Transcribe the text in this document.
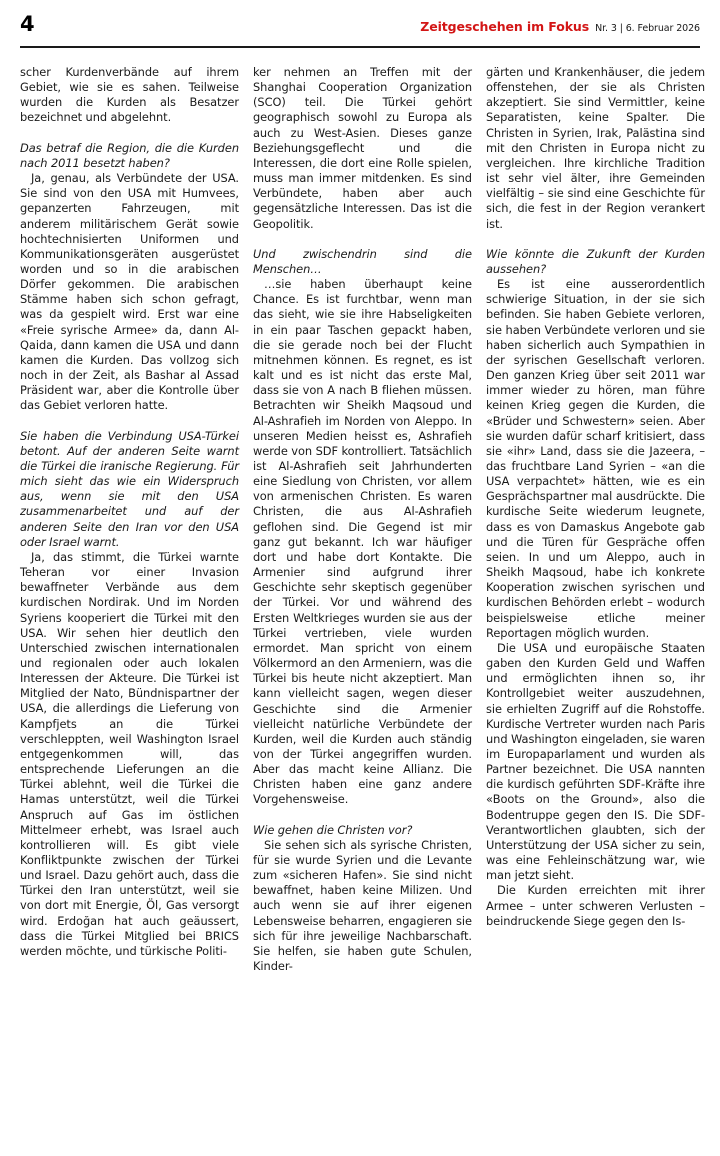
4	Zeitgeschehen im Fokus Nr. 3 | 6. Februar 2026

scher Kurdenverbände auf ihrem Gebiet, wie sie es sahen. Teilweise wurden die Kurden als Besatzer bezeichnet und abgelehnt.

Das betraf die Region, die die Kurden nach 2011 besetzt haben?

Ja, genau, als Verbündete der USA. Sie sind von den USA mit Humvees, gepanzerten Fahrzeugen, mit anderem militärischem Gerät sowie hochtechnisierten Uniformen und Kommunikationsgeräten ausgerüstet worden und so in die arabischen Dörfer gekommen. Die arabischen Stämme haben sich schon gefragt, was da gespielt wird. Erst war eine «Freie syrische Armee» da, dann Al-Qaida, dann kamen die USA und dann kamen die Kurden. Das vollzog sich noch in der Zeit, als Bashar al Assad Präsident war, aber die Kontrolle über das Gebiet verloren hatte.

Sie haben die Verbindung USA-Türkei betont. Auf der anderen Seite warnt die Türkei die iranische Regierung. Für mich sieht das wie ein Widerspruch aus, wenn sie mit den USA zusammenarbeitet und auf der anderen Seite den Iran vor den USA oder Israel warnt.

Ja, das stimmt, die Türkei warnte Teheran vor einer Invasion bewaffneter Verbände aus dem kurdischen Nordirak. Und im Norden Syriens kooperiert die Türkei mit den USA. Wir sehen hier deutlich den Unterschied zwischen internationalen und regionalen oder auch lokalen Interessen der Akteure. Die Türkei ist Mitglied der Nato, Bündnispartner der USA, die allerdings die Lieferung von Kampfjets an die Türkei verschleppten, weil Washington Israel entgegenkommen will, das entsprechende Lieferungen an die Türkei ablehnt, weil die Türkei die Hamas unterstützt, weil die Türkei Anspruch auf Gas im östlichen Mittelmeer erhebt, was Israel auch kontrollieren will. Es gibt viele Konfliktpunkte zwischen der Türkei und Israel. Dazu gehört auch, dass die Türkei den Iran unterstützt, weil sie von dort mit Energie, Öl, Gas versorgt wird. Erdoğan hat auch geäussert, dass die Türkei Mitglied bei BRICS werden möchte, und türkische Politi-

ker nehmen an Treffen mit der Shanghai Cooperation Organization (SCO) teil. Die Türkei gehört geographisch sowohl zu Europa als auch zu West-Asien. Dieses ganze Beziehungsgeflecht und die Interessen, die dort eine Rolle spielen, muss man immer mitdenken. Es sind Verbündete, haben aber auch gegensätzliche Interessen. Das ist die Geopolitik.

Und zwischendrin sind die Menschen…

…sie haben überhaupt keine Chance. Es ist furchtbar, wenn man das sieht, wie sie ihre Habseligkeiten in ein paar Taschen gepackt haben, die sie gerade noch bei der Flucht mitnehmen können. Es regnet, es ist kalt und es ist nicht das erste Mal, dass sie von A nach B fliehen müssen. Betrachten wir Sheikh Maqsoud und Al-Ashrafieh im Norden von Aleppo. In unseren Medien heisst es, Ashrafieh werde von SDF kontrolliert. Tatsächlich ist Al-Ashrafieh seit Jahrhunderten eine Siedlung von Christen, vor allem von armenischen Christen. Es waren Christen, die aus Al-Ashrafieh geflohen sind. Die Gegend ist mir ganz gut bekannt. Ich war häufiger dort und habe dort Kontakte. Die Armenier sind aufgrund ihrer Geschichte sehr skeptisch gegenüber der Türkei. Vor und während des Ersten Weltkrieges wurden sie aus der Türkei vertrieben, viele wurden ermordet. Man spricht von einem Völkermord an den Armeniern, was die Türkei bis heute nicht akzeptiert. Man kann vielleicht sagen, wegen dieser Geschichte sind die Armenier vielleicht natürliche Verbündete der Kurden, weil die Kurden auch ständig von der Türkei angegriffen wurden. Aber das macht keine Allianz. Die Christen haben eine ganz andere Vorgehensweise.

Wie gehen die Christen vor?

Sie sehen sich als syrische Christen, für sie wurde Syrien und die Levante zum «sicheren Hafen». Sie sind nicht bewaffnet, haben keine Milizen. Und auch wenn sie auf ihrer eigenen Lebensweise beharren, engagieren sie sich für ihre jeweilige Nachbarschaft. Sie helfen, sie haben gute Schulen, Kinder-

gärten und Krankenhäuser, die jedem offenstehen, der sie als Christen akzeptiert. Sie sind Vermittler, keine Separatisten, keine Spalter. Die Christen in Syrien, Irak, Palästina sind mit den Christen in Europa nicht zu vergleichen. Ihre kirchliche Tradition ist sehr viel älter, ihre Gemeinden vielfältig – sie sind eine Geschichte für sich, die fest in der Region verankert ist.

Wie könnte die Zukunft der Kurden aussehen?

Es ist eine ausserordentlich schwierige Situation, in der sie sich befinden. Sie haben Gebiete verloren, sie haben Verbündete verloren und sie haben sicherlich auch Sympathien in der syrischen Gesellschaft verloren. Den ganzen Krieg über seit 2011 war immer wieder zu hören, man führe keinen Krieg gegen die Kurden, die «Brüder und Schwestern» seien. Aber sie wurden dafür scharf kritisiert, dass sie «ihr» Land, dass sie die Jazeera, – das fruchtbare Land Syrien – «an die USA verpachtet» hätten, wie es ein Gesprächspartner mal ausdrückte. Die kurdische Seite wiederum leugnete, dass es von Damaskus Angebote gab und die Türen für Gespräche offen seien. In und um Aleppo, auch in Sheikh Maqsoud, habe ich konkrete Kooperation zwischen syrischen und kurdischen Behörden erlebt – wodurch beispielsweise etliche meiner Reportagen möglich wurden.

Die USA und europäische Staaten gaben den Kurden Geld und Waffen und ermöglichten ihnen so, ihr Kontrollgebiet weiter auszudehnen, sie erhielten Zugriff auf die Rohstoffe. Kurdische Vertreter wurden nach Paris und Washington eingeladen, sie waren im Europaparlament und wurden als Partner bezeichnet. Die USA nannten die kurdisch geführten SDF-Kräfte ihre «Boots on the Ground», also die Bodentruppe gegen den IS. Die SDF-Verantwortlichen glaubten, sich der Unterstützung der USA sicher zu sein, was eine Fehleinschätzung war, wie man jetzt sieht.

Die Kurden erreichten mit ihrer Armee – unter schweren Verlusten – beindruckende Siege gegen den Is-
